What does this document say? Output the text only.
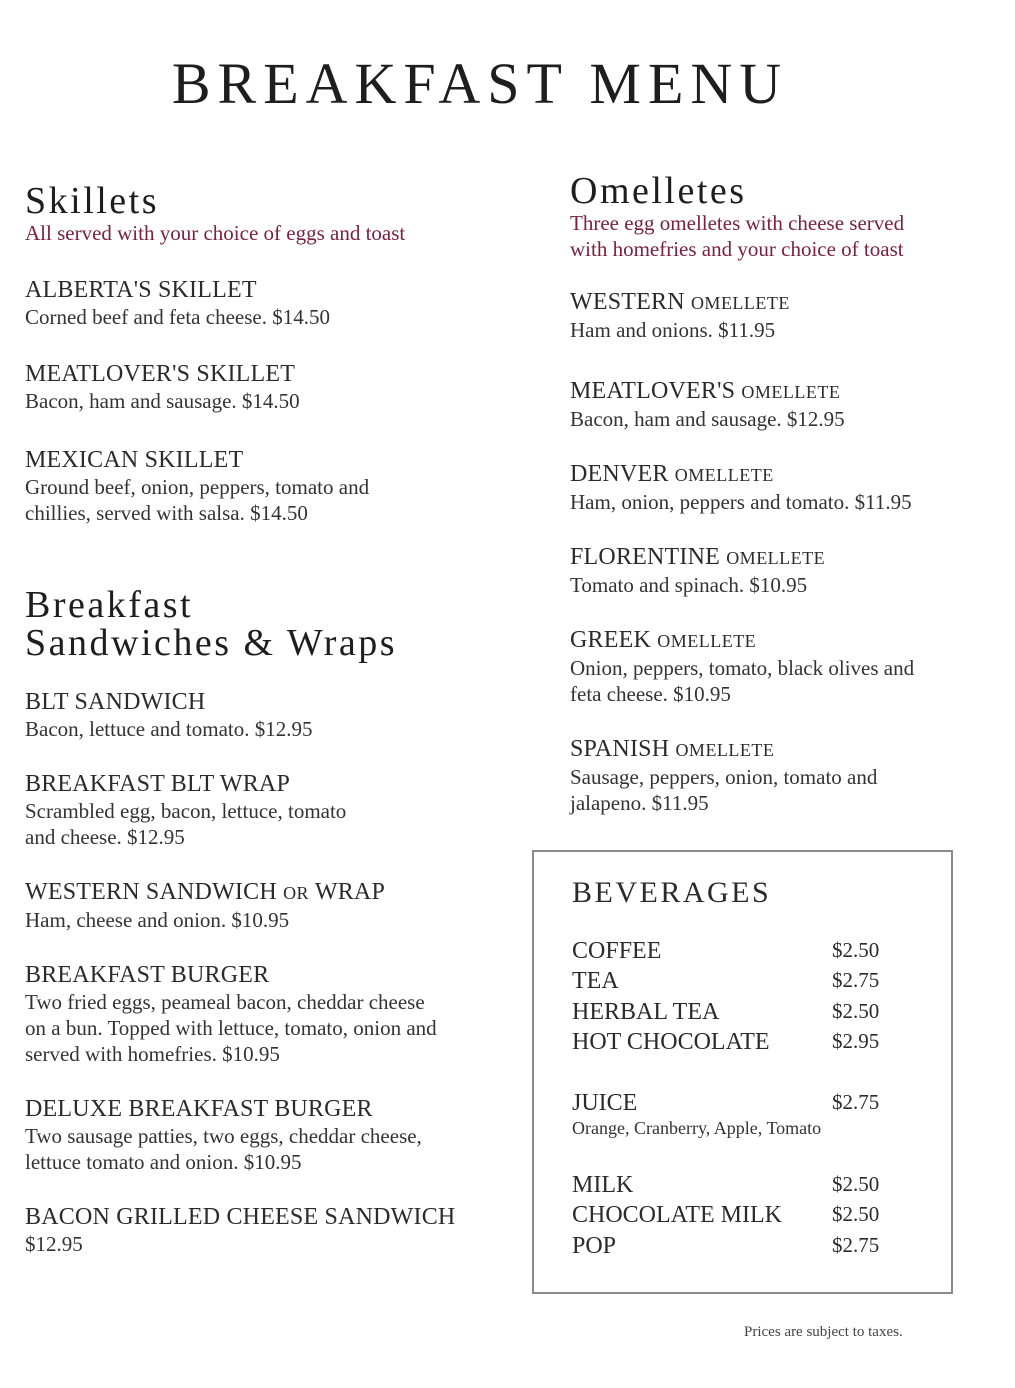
BREAKFAST MENU
Skillets
All served with your choice of eggs and toast
ALBERTA'S SKILLET
Corned beef and feta cheese. $14.50
MEATLOVER'S SKILLET
Bacon, ham and sausage. $14.50
MEXICAN SKILLET
Ground beef, onion, peppers, tomato and
chillies, served with salsa. $14.50
Breakfast
Sandwiches & Wraps
BLT SANDWICH
Bacon, lettuce and tomato. $12.95
BREAKFAST BLT WRAP
Scrambled egg, bacon, lettuce, tomato
and cheese. $12.95
WESTERN SANDWICH OR WRAP
Ham, cheese and onion. $10.95
BREAKFAST BURGER
Two fried eggs, peameal bacon, cheddar cheese
on a bun. Topped with lettuce, tomato, onion and
served with homefries. $10.95
DELUXE BREAKFAST BURGER
Two sausage patties, two eggs, cheddar cheese,
lettuce tomato and onion. $10.95
BACON GRILLED CHEESE SANDWICH
$12.95
Omelletes
Three egg omelletes with cheese served
with homefries and your choice of toast
WESTERN OMELLETE
Ham and onions. $11.95
MEATLOVER'S OMELLETE
Bacon, ham and sausage. $12.95
DENVER OMELLETE
Ham, onion, peppers and tomato. $11.95
FLORENTINE OMELLETE
Tomato and spinach. $10.95
GREEK OMELLETE
Onion, peppers, tomato, black olives and
feta cheese. $10.95
SPANISH OMELLETE
Sausage, peppers, onion, tomato and
jalapeno. $11.95
BEVERAGES
COFFEE	$2.50
TEA	$2.75
HERBAL TEA	$2.50
HOT CHOCOLATE	$2.95
JUICE	$2.75
Orange, Cranberry, Apple, Tomato
MILK	$2.50
CHOCOLATE MILK $2.50
POP	$2.75
Prices are subject to taxes.
